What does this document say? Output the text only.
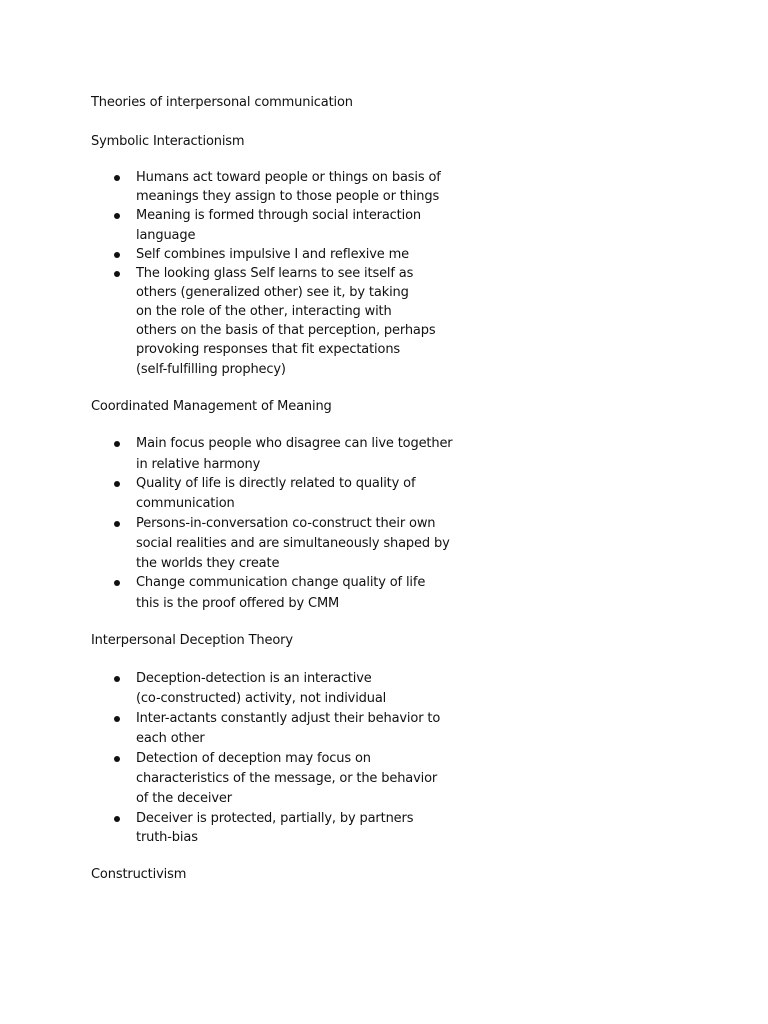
Theories of interpersonal communication
Symbolic Interactionism
Humans act toward people or things on basis of
meanings they assign to those people or things
Meaning is formed through social interaction
language
Self combines impulsive I and reflexive me
The looking glass Self learns to see itself as
others (generalized other) see it, by taking
on the role of the other, interacting with
others on the basis of that perception, perhaps
provoking responses that fit expectations
(self-fulfilling prophecy)
Coordinated Management of Meaning
Main focus people who disagree can live together
in relative harmony
Quality of life is directly related to quality of
communication
Persons-in-conversation co-construct their own
social realities and are simultaneously shaped by
the worlds they create
Change communication change quality of life
this is the proof offered by CMM
Interpersonal Deception Theory
Deception-detection is an interactive
(co-constructed) activity, not individual
Inter-actants constantly adjust their behavior to
each other
Detection of deception may focus on
characteristics of the message, or the behavior
of the deceiver
Deceiver is protected, partially, by partners
truth-bias
Constructivism
